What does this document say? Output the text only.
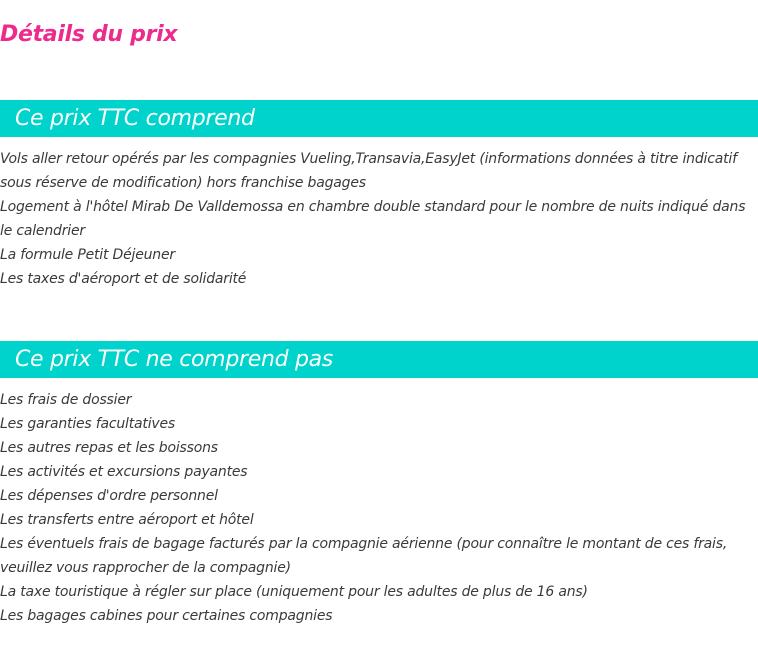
Détails du prix
Ce prix TTC comprend
Vols aller retour opérés par les compagnies Vueling,Transavia,EasyJet (informations données à titre indicatif sous réserve de modification) hors franchise bagages
Logement à l'hôtel Mirab De Valldemossa en chambre double standard pour le nombre de nuits indiqué dans le calendrier
La formule Petit Déjeuner
Les taxes d'aéroport et de solidarité
Ce prix TTC ne comprend pas
Les frais de dossier
Les garanties facultatives
Les autres repas et les boissons
Les activités et excursions payantes
Les dépenses d'ordre personnel
Les transferts entre aéroport et hôtel
Les éventuels frais de bagage facturés par la compagnie aérienne (pour connaître le montant de ces frais, veuillez vous rapprocher de la compagnie)
La taxe touristique à régler sur place (uniquement pour les adultes de plus de 16 ans)
Les bagages cabines pour certaines compagnies
